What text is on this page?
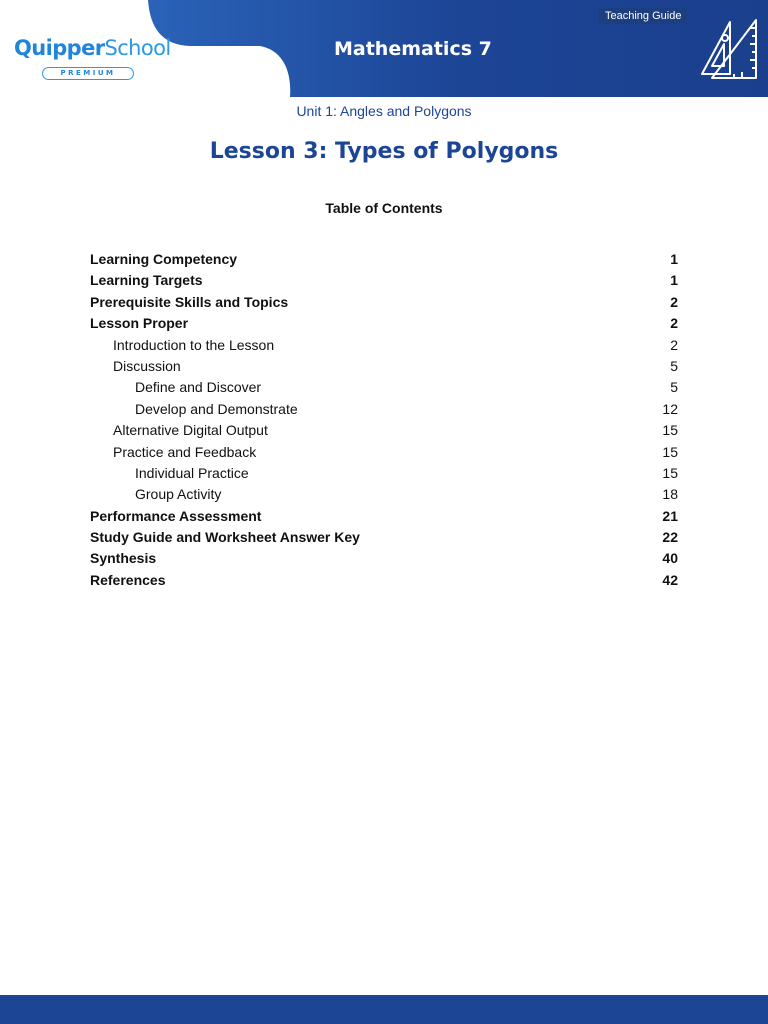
QuipperSchool
PREMIUM
Mathematics 7
Teaching Guide
Unit 1: Angles and Polygons
Lesson 3: Types of Polygons
Table of Contents
Learning Competency	1
Learning Targets	1
Prerequisite Skills and Topics	2
Lesson Proper	2
Introduction to the Lesson	2
Discussion	5
Define and Discover	5
Develop and Demonstrate	12
Alternative Digital Output	15
Practice and Feedback	15
Individual Practice	15
Group Activity	18
Performance Assessment	21
Study Guide and Worksheet Answer Key	22
Synthesis	40
References	42
